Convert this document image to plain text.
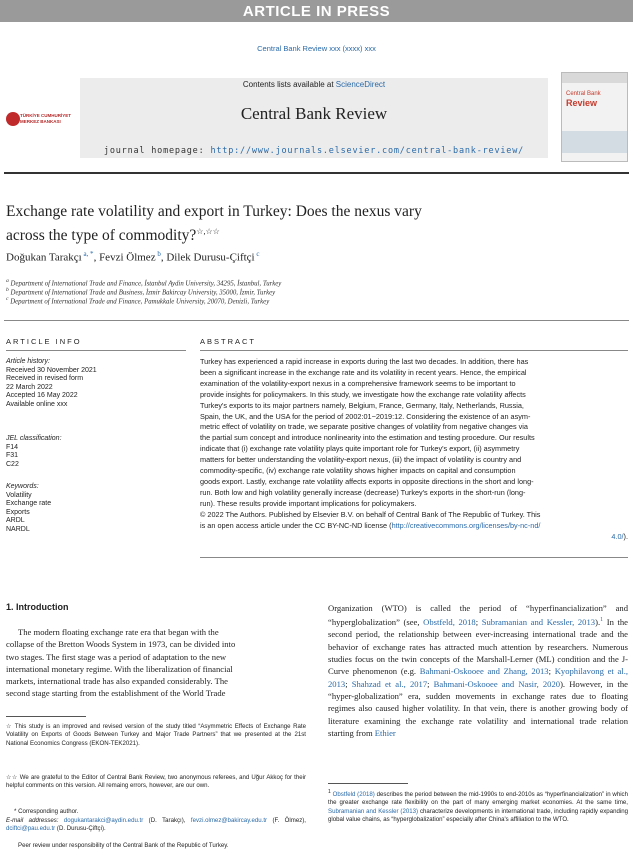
ARTICLE IN PRESS
Central Bank Review xxx (xxxx) xxx
TÜRKİYE CUMHURİYET
MERKEZ BANKASI
Contents lists available at ScienceDirect
Central Bank Review
journal homepage: http://www.journals.elsevier.com/central-bank-review/
Central Bank
Review
Exchange rate volatility and export in Turkey: Does the nexus vary
across the type of commodity?☆,☆☆
Doğukan Tarakçı $^{a, *}$, Fevzi Ölmez $^b$, Dilek Durusu-Çiftçi $^c$
$^a$ Department of International Trade and Finance, İstanbul Aydin University, 34295, İstanbul, Turkey
$^b$ Department of International Trade and Business, İzmir Bakircay University, 35000, İzmir, Turkey
$^c$ Department of International Trade and Finance, Pamukkale University, 20070, Denizli, Turkey
ARTICLE INFO	ABSTRACT
Article history:
Received 30 November 2021
Received in revised form
22 March 2022
Accepted 16 May 2022
Available online xxx
JEL classification:
F14
F31
C22
Keywords:
Volatility
Exchange rate
Exports
ARDL
NARDL
Turkey has experienced a rapid increase in exports during the last two decades. In addition, there has
been a significant increase in the exchange rate and its volatility in recent years. Hence, the empirical
examination of the volatility-export nexus in a comprehensive framework seems to be important to
provide insights for policymakers. In this study, we investigate how the exchange rate volatility affects
Turkey's exports to its major partners namely, Belgium, France, Germany, Italy, Netherlands, Russia,
Spain, the UK, and the USA for the period of 2002:01−2019:12. Considering the existence of an asym-
metric effect of volatility on trade, we separate positive changes of volatility from negative changes via
the partial sum concept and introduce nonlinearity into the estimation and testing procedure. Our results
indicate that (i) exchange rate volatility plays quite important role for Turkey's export, (ii) asymmetry
matters for better understanding the volatility-export nexus, (iii) the impact of volatility is country and
commodity-specific, (iv) exchange rate volatility shows higher impacts on capital and consumption
goods export. Lastly, exchange rate volatility affects exports in opposite directions in the short and long-
run. Both low and high volatility generally increase (decrease) Turkey's exports in the short-run (long-
run). These results provide important implications for policymakers.
© 2022 The Authors. Published by Elsevier B.V. on behalf of Central Bank of The Republic of Turkey. This
is an open access article under the CC BY-NC-ND license (http://creativecommons.org/licenses/by-nc-nd/
4.0/).
1. Introduction
The modern floating exchange rate era that began with the
collapse of the Bretton Woods System in 1973, can be divided into
two stages. The first stage was a period of adaptation to the new
international monetary regime. With the liberalization of financial
markets, international trade has also expanded considerably. The
second stage starting from the establishment of the World Trade
Organization (WTO) is called the period of “hyperfinancialization” and “hyperglobalization” (see, Obstfeld, 2018; Subramanian and Kessler, 2013).$^1$ In the second period, the relationship between ever-increasing international trade and the behavior of exchange rates has attracted much attention by researchers. Numerous studies focus on the twin concepts of the Marshall-Lerner (ML) condition and the J-Curve phenomenon (e.g. Bahmani-Oskooee and Zhang, 2013; Kyophilavong et al., 2013; Shahzad et al., 2017; Bahmani-Oskooee and Nasir, 2020). However, in the “hyper-globalization” era, sudden movements in exchange rates due to floating regimes also caused higher volatility. In that vein, there is another growing body of literature examining the exchange rate volatility and international trade relation starting from Ethier
☆ This study is an improved and revised version of the study titled “Asymmetric Effects of Exchange Rate Volatility on Exports of Goods Between Turkey and Major Trade Partners” that we presented at the 21st National Economics Congress (EKON-TEK2021).
☆☆ We are grateful to the Editor of Central Bank Review, two anonymous referees, and Uğur Akkoç for their helpful comments on this version. All remaing errors, however, are our own.
* Corresponding author.
E-mail addresses: dogukantarakci@aydin.edu.tr (D. Tarakçı), fevzi.olmez@bakircay.edu.tr (F. Ölmez), dciftci@pau.edu.tr (D. Durusu-Çiftçi).
Peer review under responsibility of the Central Bank of the Republic of Turkey.
$^1$ Obstfeld (2018) describes the period between the mid-1990s to end-2010s as “hyperfinancialization” in which the greater exchange rate flexibility on the part of many emerging market economies. At the same time, Subramanian and Kessler (2013) characterize developments in international trade, including rapidly expanding global value chains, as “hyperglobalization” especially after China's affiliation to the WTO.
